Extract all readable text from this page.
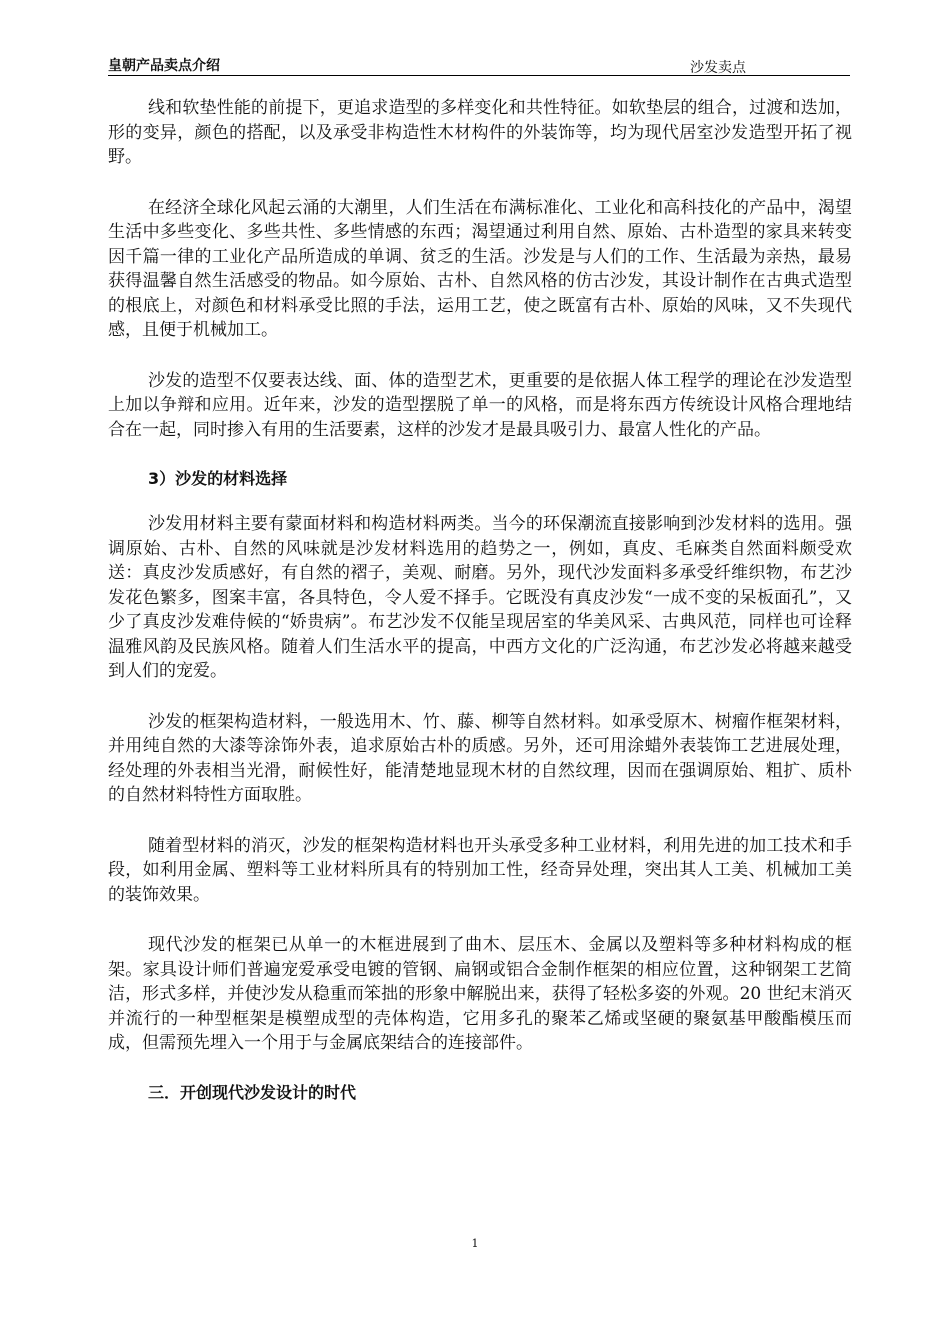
皇朝产品卖点介绍	沙发卖点

线和软垫性能的前提下，更追求造型的多样变化和共性特征。如软垫层的组合，过渡和迭加，形的变异，颜色的搭配，以及承受非构造性木材构件的外装饰等，均为现代居室沙发造型开拓了视野。

在经济全球化风起云涌的大潮里，人们生活在布满标准化、工业化和高科技化的产品中，渴望生活中多些变化、多些共性、多些情感的东西；渴望通过利用自然、原始、古朴造型的家具来转变因千篇一律的工业化产品所造成的单调、贫乏的生活。沙发是与人们的工作、生活最为亲热，最易获得温馨自然生活感受的物品。如今原始、古朴、自然风格的仿古沙发，其设计制作在古典式造型的根底上，对颜色和材料承受比照的手法，运用工艺，使之既富有古朴、原始的风味，又不失现代感，且便于机械加工。

沙发的造型不仅要表达线、面、体的造型艺术，更重要的是依据人体工程学的理论在沙发造型上加以争辩和应用。近年来，沙发的造型摆脱了单一的风格，而是将东西方传统设计风格合理地结合在一起，同时掺入有用的生活要素，这样的沙发才是最具吸引力、最富人性化的产品。

3）沙发的材料选择

沙发用材料主要有蒙面材料和构造材料两类。当今的环保潮流直接影响到沙发材料的选用。强调原始、古朴、自然的风味就是沙发材料选用的趋势之一，例如，真皮、毛麻类自然面料颇受欢送：真皮沙发质感好，有自然的褶子，美观、耐磨。另外，现代沙发面料多承受纤维织物，布艺沙发花色繁多，图案丰富，各具特色，令人爱不择手。它既没有真皮沙发“一成不变的呆板面孔”，又少了真皮沙发难侍候的“娇贵病”。布艺沙发不仅能呈现居室的华美风采、古典风范，同样也可诠释温雅风韵及民族风格。随着人们生活水平的提高，中西方文化的广泛沟通，布艺沙发必将越来越受到人们的宠爱。

沙发的框架构造材料，一般选用木、竹、藤、柳等自然材料。如承受原木、树瘤作框架材料，并用纯自然的大漆等涂饰外表，追求原始古朴的质感。另外，还可用涂蜡外表装饰工艺进展处理，经处理的外表相当光滑，耐候性好，能清楚地显现木材的自然纹理，因而在强调原始、粗扩、质朴的自然材料特性方面取胜。

随着型材料的消灭，沙发的框架构造材料也开头承受多种工业材料，利用先进的加工技术和手段，如利用金属、塑料等工业材料所具有的特别加工性，经奇异处理，突出其人工美、机械加工美的装饰效果。

现代沙发的框架已从单一的木框进展到了曲木、层压木、金属以及塑料等多种材料构成的框架。家具设计师们普遍宠爱承受电镀的管钢、扁钢或铝合金制作框架的相应位置，这种钢架工艺简洁，形式多样，并使沙发从稳重而笨拙的形象中解脱出来，获得了轻松多姿的外观。20 世纪末消灭并流行的一种型框架是模塑成型的壳体构造，它用多孔的聚苯乙烯或坚硬的聚氨基甲酸酯模压而成，但需预先埋入一个用于与金属底架结合的连接部件。

三．开创现代沙发设计的时代

1
